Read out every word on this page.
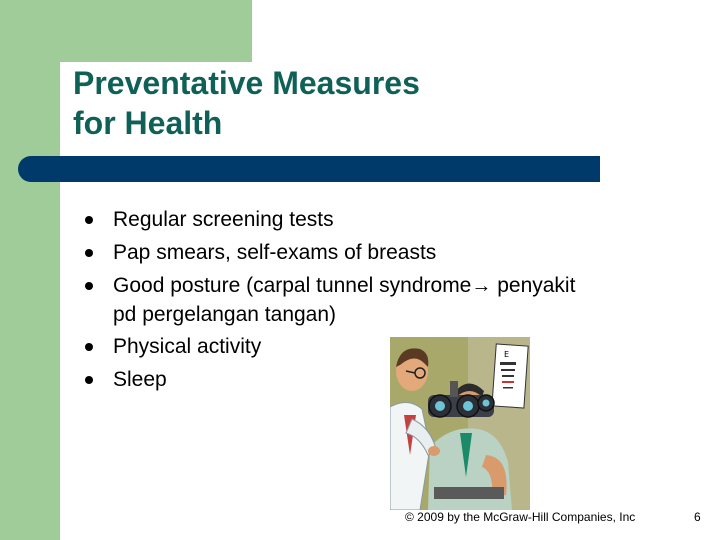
Preventative Measures
for Health
Regular screening tests
Pap smears, self-exams of breasts
Good posture (carpal tunnel syndrome→ penyakit
pd pergelangan tangan)
Physical activity
Sleep
E
© 2009 by the McGraw-Hill Companies, Inc	6
